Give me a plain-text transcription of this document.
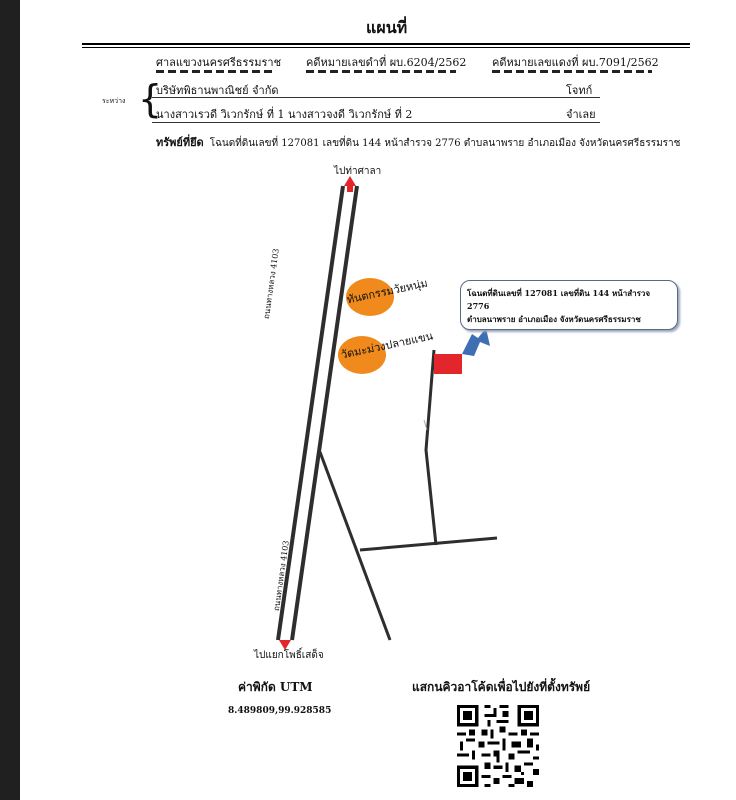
แผนที่
ศาลแขวงนครศรีธรรมราช คดีหมายเลขดำที่ ผบ.6204/2562 คดีหมายเลขแดงที่ ผบ.7091/2562
ระหว่าง {
บริษัทพิธานพาณิชย์ จำกัด	โจทก์
นางสาวเรวดี วิเวกรักษ์ ที่ 1 นางสาวจงดี วิเวกรักษ์ ที่ 2	จำเลย
ทรัพย์ที่ยึด โฉนดที่ดินเลขที่ 127081 เลขที่ดิน 144 หน้าสำรวจ 2776 ตำบลนาพราย อำเภอเมือง จังหวัดนครศรีธรรมราช
ไปท่าศาลา
ไปแยกโพธิ์เสด็จ
ถนนทางหลวง 4103
ถนนทางหลวง 4103
ทันตกรรมวัยหนุ่ม
วัดมะม่วงปลายแขน
โฉนดที่ดินเลขที่ 127081 เลขที่ดิน 144 หน้าสำรวจ 2776
ตำบลนาพราย อำเภอเมือง จังหวัดนครศรีธรรมราช
ค่าพิกัด UTM
8.489809,99.928585
แสกนคิวอาโค้ดเพื่อไปยังที่ตั้งทรัพย์
